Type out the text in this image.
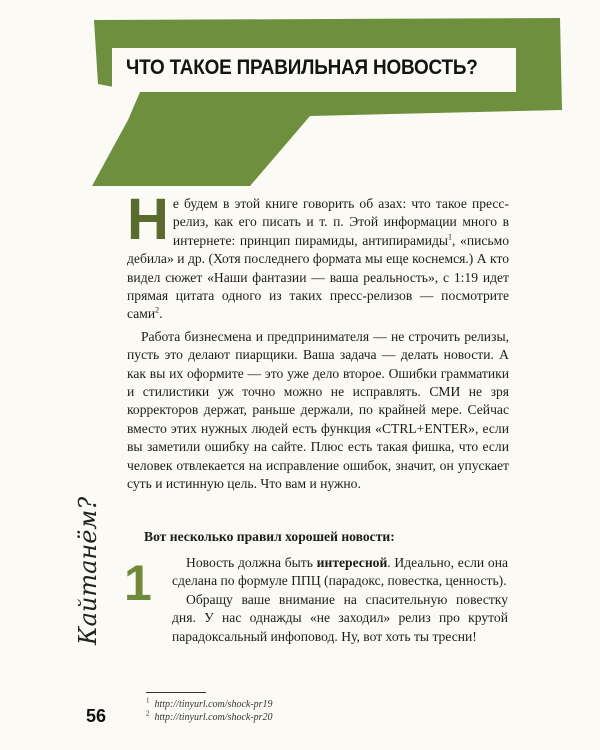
ЧТО ТАКОЕ ПРАВИЛЬНАЯ НОВОСТЬ?

Не будем в этой книге говорить об азах: что такое пресс-релиз, как его писать и т. п. Этой информации много в интернете: принцип пирамиды, антипирамиды$^1$, «письмо дебила» и др. (Хотя последнего формата мы еще коснемся.) А кто видел сюжет «Наши фантазии — ваша реальность», с 1:19 идет прямая цитата одного из таких пресс-релизов — посмотрите сами$^2$.

Работа бизнесмена и предпринимателя — не строчить релизы, пусть это делают пиарщики. Ваша задача — делать новости. А как вы их оформите — это уже дело второе. Ошибки грамматики и стилистики уж точно можно не исправлять. СМИ не зря корректоров держат, раньше держали, по крайней мере. Сейчас вместо этих нужных людей есть функция «CTRL+ENTER», если вы заметили ошибку на сайте. Плюс есть такая фишка, что если человек отвлекается на исправление ошибок, значит, он упускает суть и истинную цель. Что вам и нужно.

Вот несколько правил хорошей новости:
1	Новость должна быть интересной. Идеально, если она сделана по формуле ППЦ (парадокс, повестка, ценность).

Обращу ваше внимание на спасительную повестку дня. У нас однажды «не заходил» релиз про крутой парадоксальный инфоповод. Ну, вот хоть ты тресни!

Кайтанём?
$^1$ http://tinyurl.com/shock-pr19
$^2$ http://tinyurl.com/shock-pr20
56
